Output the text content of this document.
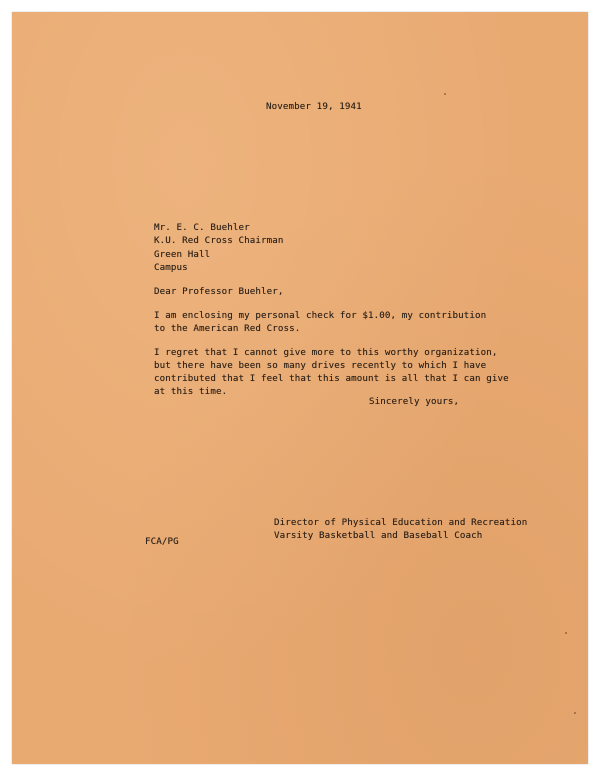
November 19, 1941
Mr. E. C. Buehler
K.U. Red Cross Chairman
Green Hall
Campus
Dear Professor Buehler,
I am enclosing my personal check for $1.00, my contribution
to the American Red Cross.
I regret that I cannot give more to this worthy organization,
but there have been so many drives recently to which I have
contributed that I feel that this amount is all that I can give
at this time.
Sincerely yours,
FCA/PG
Director of Physical Education and Recreation
Varsity Basketball and Baseball Coach
